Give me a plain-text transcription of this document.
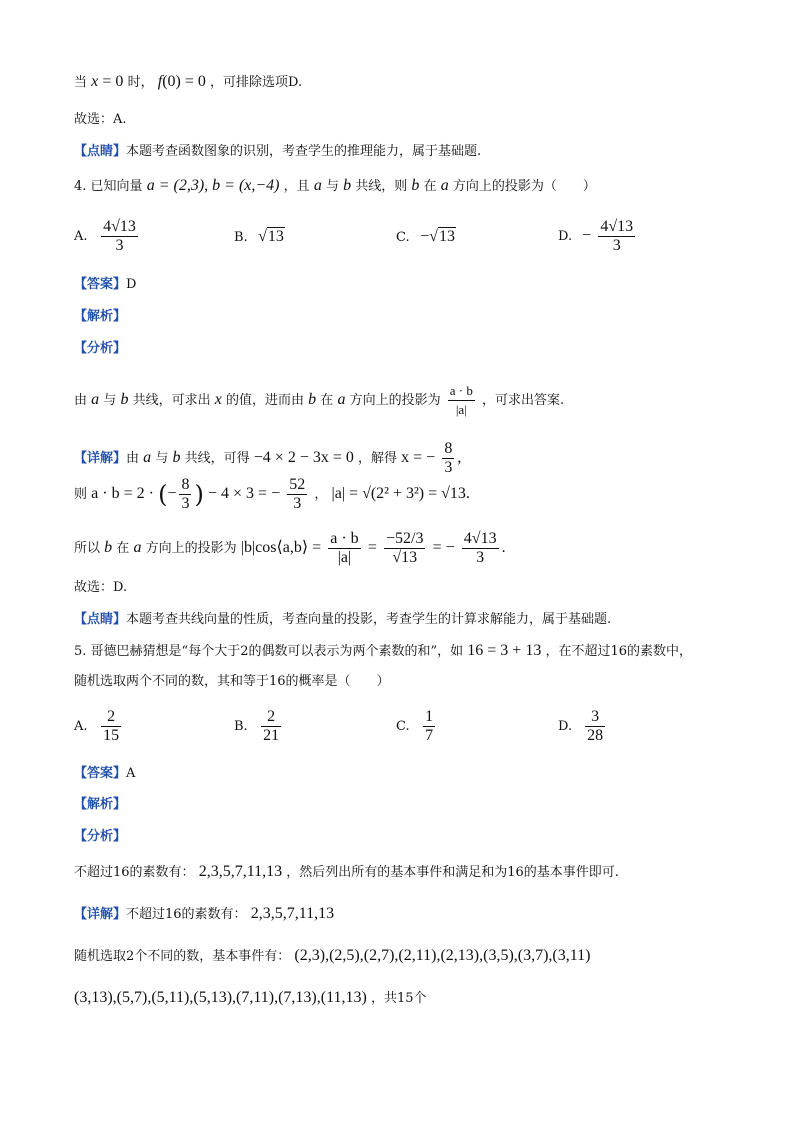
当 x = 0 时， f(0) = 0 ，可排除选项D.
故选：A.
【点睛】本题考查函数图象的识别，考查学生的推理能力，属于基础题.
4. 已知向量 a = (2,3), b = (x,−4) ，且 a 与 b 共线，则 b 在 a 方向上的投影为（　　）
A. $\frac{4√13}{3}$	B. √13	C. −√13	D. − $\frac{4√13}{3}$
【答案】D
【解析】
【分析】
由 a 与 b 共线，可求出 x 的值，进而由 b 在 a 方向上的投影为 $\frac{a \cdot b}{|a|}$ ，可求出答案.
【详解】由 a 与 b 共线，可得 −4 × 2 − 3x = 0 ，解得 x = − $\frac{8}{3}$ ,
则 a · b = 2 · (− $\frac{8}{3}$ ) − 4 × 3 = − $\frac{52}{3}$ ， |a| = √(2² + 3²) = √13.
所以 b 在 a 方向上的投影为 |b|cos⟨a,b⟩ = $\frac{a \cdot b}{|a|} = \frac{-52/3}{√13}$ = − $\frac{4√13}{3}$ .
故选：D.
【点睛】本题考查共线向量的性质，考查向量的投影，考查学生的计算求解能力，属于基础题.
5. 哥德巴赫猜想是“每个大于2的偶数可以表示为两个素数的和”，如 16 = 3 + 13 ，在不超过16的素数中，
随机选取两个不同的数，其和等于16的概率是（　　）
A. $\frac{2}{15}$	B. $\frac{2}{21}$	C. $\frac{1}{7}$	D. $\frac{3}{28}$
【答案】A
【解析】
【分析】
不超过16的素数有： 2,3,5,7,11,13 ，然后列出所有的基本事件和满足和为16的基本事件即可.
【详解】不超过16的素数有： 2,3,5,7,11,13
随机选取2个不同的数，基本事件有： (2,3),(2,5),(2,7),(2,11),(2,13),(3,5),(3,7),(3,11)
(3,13),(5,7),(5,11),(5,13),(7,11),(7,13),(11,13) ，共15个
